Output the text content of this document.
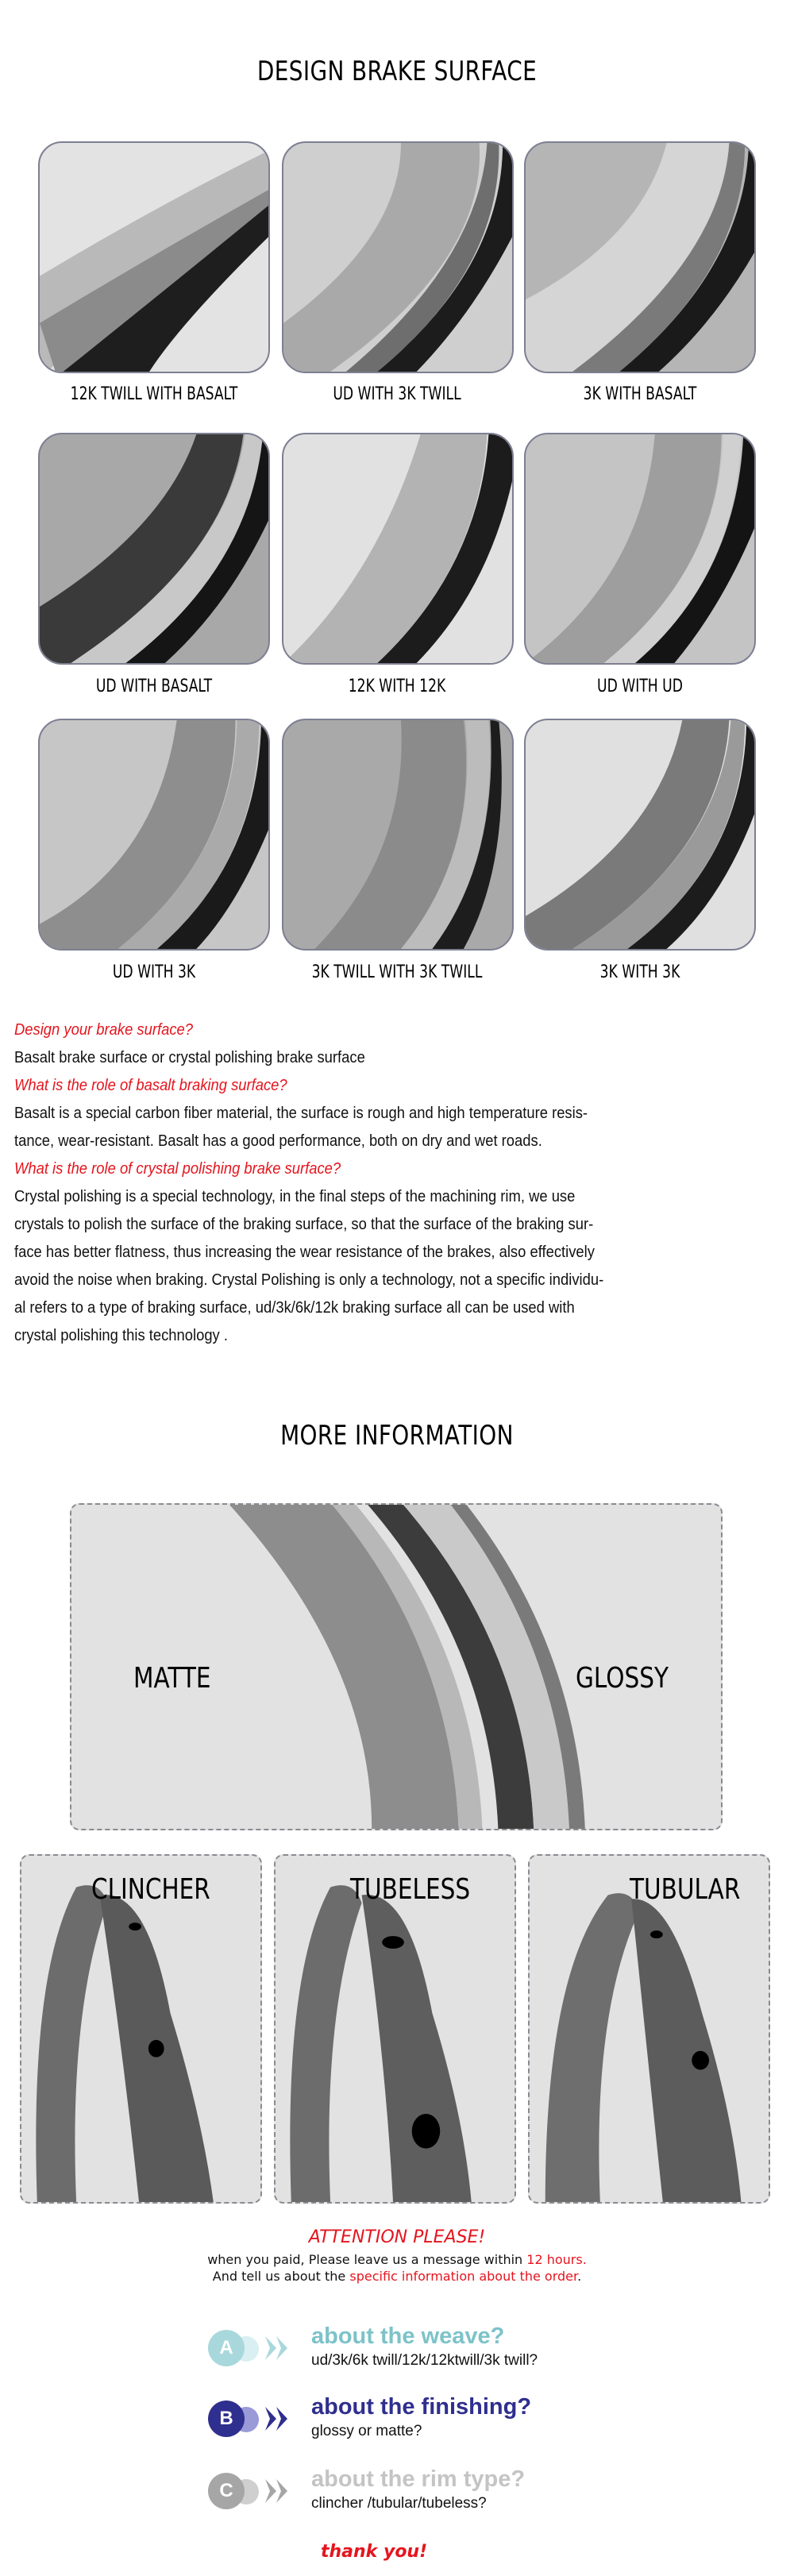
DESIGN BRAKE SURFACE
12K TWILL WITH BASALT	UD WITH 3K TWILL	3K WITH BASALT
UD WITH BASALT	12K WITH 12K	UD WITH UD
UD WITH 3K	3K TWILL WITH 3K TWILL	3K WITH 3K
Design your brake surface?
Basalt brake surface or crystal polishing brake surface
What is the role of basalt braking surface?
Basalt is a special carbon fiber material, the surface is rough and high temperature resis-
tance, wear-resistant. Basalt has a good performance, both on dry and wet roads.
What is the role of crystal polishing brake surface?
Crystal polishing is a special technology, in the final steps of the machining rim, we use
crystals to polish the surface of the braking surface, so that the surface of the braking sur-
face has better flatness, thus increasing the wear resistance of the brakes, also effectively
avoid the noise when braking. Crystal Polishing is only a technology, not a specific individu-
al refers to a type of braking surface, ud/3k/6k/12k braking surface all can be used with
crystal polishing this technology .
MORE INFORMATION
MATTE	GLOSSY
CLINCHER	TUBELESS	TUBULAR
ATTENTION PLEASE!
when you paid, Please leave us a message within 12 hours.
And tell us about the specific information about the order.
A	about the weave?
ud/3k/6k twill/12k/12ktwill/3k twill?
B	about the finishing?
glossy or matte?
C	about the rim type?
clincher /tubular/tubeless?
thank you!
